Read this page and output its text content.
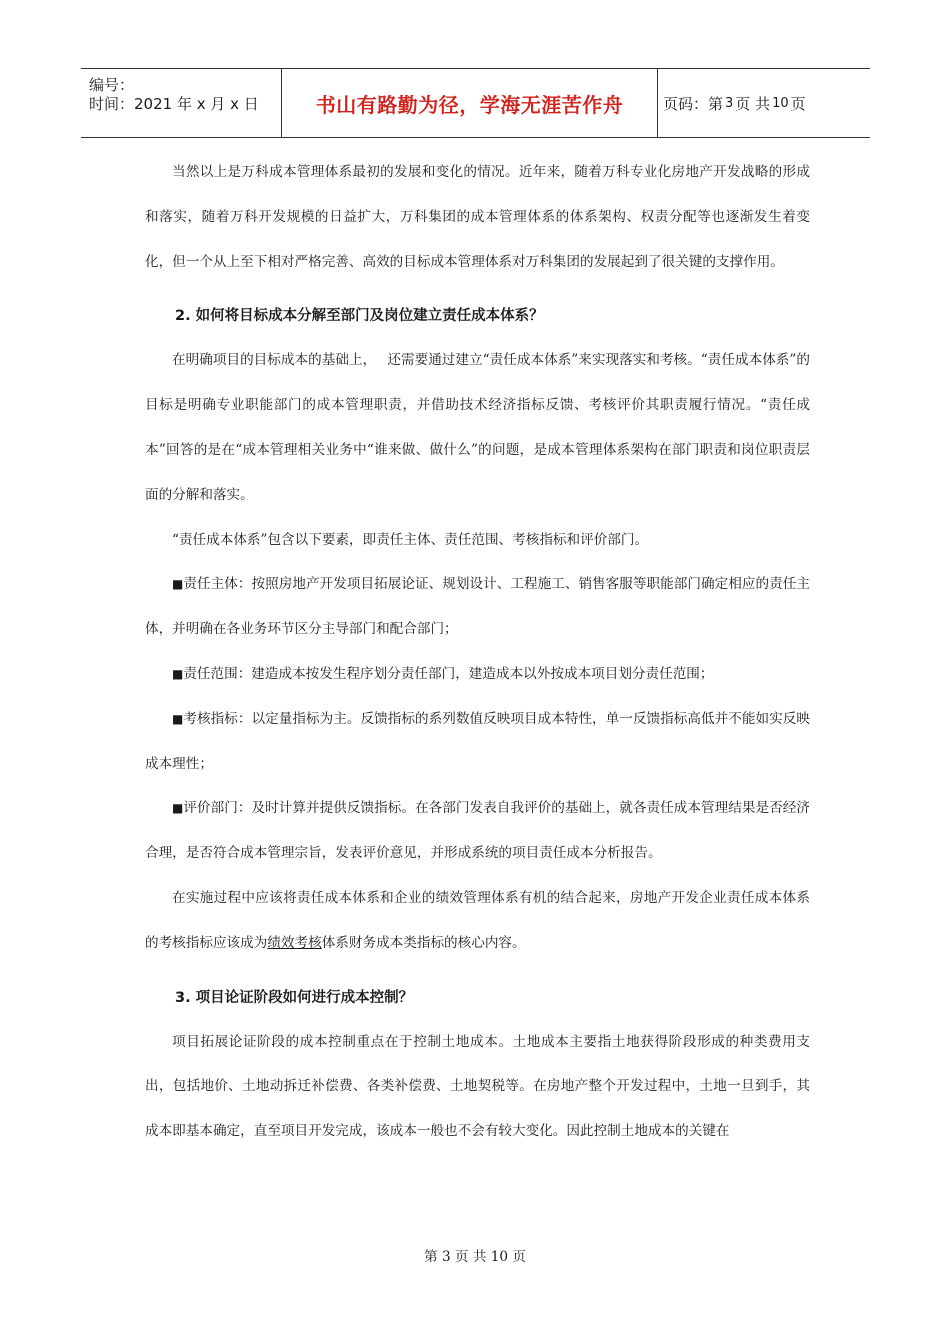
编号：
时间：2021 年 x 月 x 日	书山有路勤为径，学海无涯苦作舟	页码：第 3 页 共 10 页

当然以上是万科成本管理体系最初的发展和变化的情况。近年来，随着万科专业化房地产开发战略的形成和落实，随着万科开发规模的日益扩大，万科集团的成本管理体系的体系架构、权责分配等也逐渐发生着变化，但一个从上至下相对严格完善、高效的目标成本管理体系对万科集团的发展起到了很关键的支撑作用。

2. 如何将目标成本分解至部门及岗位建立责任成本体系？

在明确项目的目标成本的基础上，　 还需要通过建立“责任成本体系”来实现落实和考核。“责任成本体系”的目标是明确专业职能部门的成本管理职责，并借助技术经济指标反馈、考核评价其职责履行情况。“责任成本”回答的是在“成本管理相关业务中“谁来做、做什么”的问题，是成本管理体系架构在部门职责和岗位职责层面的分解和落实。

“责任成本体系”包含以下要素，即责任主体、责任范围、考核指标和评价部门。

■责任主体：按照房地产开发项目拓展论证、规划设计、工程施工、销售客服等职能部门确定相应的责任主体，并明确在各业务环节区分主导部门和配合部门；

■责任范围：建造成本按发生程序划分责任部门，建造成本以外按成本项目划分责任范围；

■考核指标：以定量指标为主。反馈指标的系列数值反映项目成本特性，单一反馈指标高低并不能如实反映成本理性；

■评价部门：及时计算并提供反馈指标。在各部门发表自我评价的基础上，就各责任成本管理结果是否经济合理，是否符合成本管理宗旨，发表评价意见，并形成系统的项目责任成本分析报告。

在实施过程中应该将责任成本体系和企业的绩效管理体系有机的结合起来，房地产开发企业责任成本体系的考核指标应该成为绩效考核体系财务成本类指标的核心内容。

3. 项目论证阶段如何进行成本控制？

项目拓展论证阶段的成本控制重点在于控制土地成本。土地成本主要指土地获得阶段形成的种类费用支出，包括地价、土地动拆迁补偿费、各类补偿费、土地契税等。在房地产整个开发过程中，土地一旦到手，其成本即基本确定，直至项目开发完成，该成本一般也不会有较大变化。因此控制土地成本的关键在

第 3 页 共 10 页
